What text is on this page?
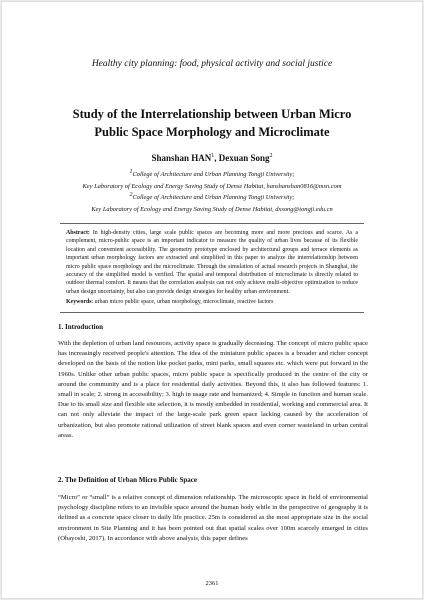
Healthy city planning: food, physical activity and social justice
Study of the Interrelationship between Urban Micro
Public Space Morphology and Microclimate
Shanshan HAN$^1$, Dexuan Song$^2$
$^1$College of Architecture and Urban Planning Tongji University;
Key Laboratory of Ecology and Energy Saving Study of Dense Habitat, hanshanshan0816@msn.com
$^2$College of Architecture and Urban Planning Tongji University;
Key Laboratory of Ecology and Energy Saving Study of Dense Habitat, dxsong@tongji.edu.cn
Abstract: In high-density cities, large scale public spaces are becoming more and more precious and scarce. As a complement, micro-public space is an important indicator to measure the quality of urban lives because of its flexible location and convenient accessibility. The geometry prototype enclosed by architectural groups and terrace elements as important urban morphology factors are extracted and simplified in this paper to analyze the interrelationship between micro public space morphology and the microclimate. Through the simulation of actual research projects in Shanghai, the accuracy of the simplified model is verified. The spatial and temporal distribution of microclimate is directly related to outdoor thermal comfort. It means that the correlation analysis can not only achieve multi-objective optimization to reduce urban design uncertainty, but also can provide design strategies for healthy urban environment.
Keywords: urban micro public space, urban morphology, microclimate, reactive factors
1. Introduction
With the depletion of urban land resources, activity space is gradually decreasing. The concept of micro public space has increasingly received people's attention. The idea of the miniature public spaces is a broader and richer concept developed on the basis of the notion like pocket parks, mini parks, small squares etc. which were put forward in the 1960s. Unlike other urban public spaces, micro public space is specifically produced in the centre of the city or around the community and is a place for residential daily activities. Beyond this, it also has followed features: 1. small in scale; 2. strong in accessibility; 3. high in usage rate and humanized; 4. Simple in function and human scale. Due to its small size and flexible site selection, it is mostly embedded in residential, working and commercial area. It can not only alleviate the impact of the large-scale park green space lacking caused by the acceleration of urbanization, but also promote rational utilization of street blank spaces and even corner wasteland in urban central areas.
2. The Definition of Urban Micro Public Space
“Micro” or “small” is a relative concept of dimension relationship. The microscopic space in field of environmental psychology discipline refers to an invisible space around the human body while in the perspective of geography it is defined as a concrete space closer to daily life practice. 25m is considered as the most appropriate size in the social environment in Site Planning and it has been pointed out that spatial scales over 100m scarcely emerged in cities (Obayoshi, 2017). In accordance with above analysis, this paper defines
2361
